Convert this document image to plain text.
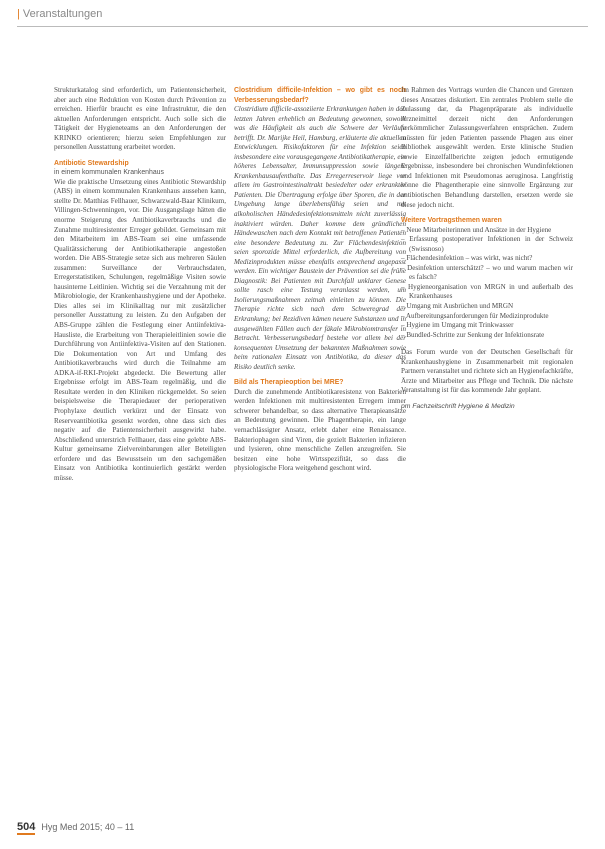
| Veranstaltungen

Strukturkatalog sind erforderlich, um Patientensicherheit, aber auch eine Reduktion von Kosten durch Prävention zu erreichen. Hierfür braucht es eine Infrastruktur, die den aktuellen Anforderungen entspricht. Auch solle sich die Tätigkeit der Hygieneteams an den Anforderungen der KRINKO orientieren; hierzu seien Empfehlungen zur personellen Ausstattung erarbeitet worden.

Antibiotic Stewardship
in einem kommunalen Krankenhaus

Wie die praktische Umsetzung eines Antibiotic Stewardship (ABS) in einem kommunalen Krankenhaus aussehen kann, stellte Dr. Matthias Fellhauer, Schwarzwald-Baar Klinikum, Villingen-Schwenningen, vor. Die Ausgangslage hätten die enorme Steigerung des Antibiotikaverbrauchs und die Zunahme multiresistenter Erreger gebildet. Gemeinsam mit den Mitarbeitern im ABS-Team sei eine umfassende Qualitätssicherung der Antibiotikatherapie angestoßen worden. Die ABS-Strategie setze sich aus mehreren Säulen zusammen: Surveillance der Verbrauchsdaten, Erregerstatistiken, Schulungen, regelmäßige Visiten sowie hausinterne Leitlinien. Wichtig sei die Verzahnung mit der Mikrobiologie, der Krankenhaushygiene und der Apotheke. Dies alles sei im Klinikalltag nur mit zusätzlicher personeller Ausstattung zu leisten. Zu den Aufgaben der ABS-Gruppe zählen die Festlegung einer Antiinfektiva-Hausliste, die Erarbeitung von Therapieleitlinien sowie die Durchführung von Antiinfektiva-Visiten auf den Stationen. Die Dokumentation von Art und Umfang des Antibiotikaverbrauchs wird durch die Teilnahme am ADKA-if-RKI-Projekt abgedeckt. Die Bewertung aller Ergebnisse erfolgt im ABS-Team regelmäßig, und die Resultate werden in den Kliniken rückgemeldet. So seien beispielsweise die Therapiedauer der perioperativen Prophylaxe deutlich verkürzt und der Einsatz von Reserveantibiotika gesenkt worden, ohne dass sich dies negativ auf die Patientensicherheit ausgewirkt habe. Abschließend unterstrich Fellhauer, dass eine gelebte ABS-Kultur gemeinsame Zielvereinbarungen aller Beteiligten erfordere und das Bewusstsein um den sachgemäßen Einsatz von Antibiotika kontinuierlich gestärkt werden müsse.

Clostridium difficile-Infektion – wo gibt es noch Verbesserungsbedarf?

Clostridium difficile-assoziierte Erkrankungen haben in den letzten Jahren erheblich an Bedeutung gewonnen, sowohl was die Häufigkeit als auch die Schwere der Verläufe betrifft. Dr. Marijke Heil, Hamburg, erläuterte die aktuellen Entwicklungen. Risikofaktoren für eine Infektion seien insbesondere eine vorausgegangene Antibiotikatherapie, ein höheres Lebensalter, Immunsuppression sowie längere Krankenhausaufenthalte. Das Erregerreservoir liege vor allem im Gastrointestinaltrakt besiedelter oder erkrankter Patienten. Die Übertragung erfolge über Sporen, die in der Umgebung lange überlebensfähig seien und mit alkoholischen Händedesinfektionsmitteln nicht zuverlässig inaktiviert würden. Daher komme dem gründlichen Händewaschen nach dem Kontakt mit betroffenen Patienten eine besondere Bedeutung zu. Zur Flächendesinfektion seien sporozide Mittel erforderlich, die Aufbereitung von Medizinprodukten müsse ebenfalls entsprechend angepasst werden. Ein wichtiger Baustein der Prävention sei die frühe Diagnostik: Bei Patienten mit Durchfall unklarer Genese sollte rasch eine Testung veranlasst werden, um Isolierungsmaßnahmen zeitnah einleiten zu können. Die Therapie richte sich nach dem Schweregrad der Erkrankung; bei Rezidiven kämen neuere Substanzen und in ausgewählten Fällen auch der fäkale Mikrobiomtransfer in Betracht. Verbesserungsbedarf bestehe vor allem bei der konsequenten Umsetzung der bekannten Maßnahmen sowie beim rationalen Einsatz von Antibiotika, da dieser das Risiko deutlich senke.

Bild als Therapieoption bei MRE?

Durch die zunehmende Antibiotikaresistenz von Bakterien werden Infektionen mit multiresistenten Erregern immer schwerer behandelbar, so dass alternative Therapieansätze an Bedeutung gewinnen. Die Phagentherapie, ein lange vernachlässigter Ansatz, erlebt daher eine Renaissance. Bakteriophagen sind Viren, die gezielt Bakterien infizieren und lysieren, ohne menschliche Zellen anzugreifen. Sie besitzen eine hohe Wirtsspezifität, so dass die physiologische Flora weitgehend geschont wird.

Im Rahmen des Vortrags wurden die Chancen und Grenzen dieses Ansatzes diskutiert. Ein zentrales Problem stelle die Zulassung dar, da Phagenpräparate als individuelle Arzneimittel derzeit nicht den Anforderungen herkömmlicher Zulassungsverfahren entsprächen. Zudem müssten für jeden Patienten passende Phagen aus einer Bibliothek ausgewählt werden. Erste klinische Studien sowie Einzelfallberichte zeigten jedoch ermutigende Ergebnisse, insbesondere bei chronischen Wundinfektionen und Infektionen mit Pseudomonas aeruginosa. Langfristig könne die Phagentherapie eine sinnvolle Ergänzung zur antibiotischen Behandlung darstellen, ersetzen werde sie diese jedoch nicht.

Weitere Vortragsthemen waren
– Neue Mitarbeiterinnen und Ansätze in der Hygiene
– Erfassung postoperativer Infektionen in der Schweiz (Swissnoso)
– Flächendesinfektion – was wirkt, was nicht?
– Desinfektion unterschätzt? – wo und warum machen wir es falsch?
– Hygieneorganisation von MRGN in und außerhalb des Krankenhauses
– Umgang mit Ausbrüchen und MRGN
– Aufbereitungsanforderungen für Medizinprodukte
– Hygiene im Umgang mit Trinkwasser
– Bundled-Schritte zur Senkung der Infektionsrate

Das Forum wurde von der Deutschen Gesellschaft für Krankenhaushygiene in Zusammenarbeit mit regionalen Partnern veranstaltet und richtete sich an Hygienefachkräfte, Ärzte und Mitarbeiter aus Pflege und Technik. Die nächste Veranstaltung ist für das kommende Jahr geplant.

pm Fachzeitschrift Hygiene & Medizin
504 Hyg Med 2015; 40 – 11
